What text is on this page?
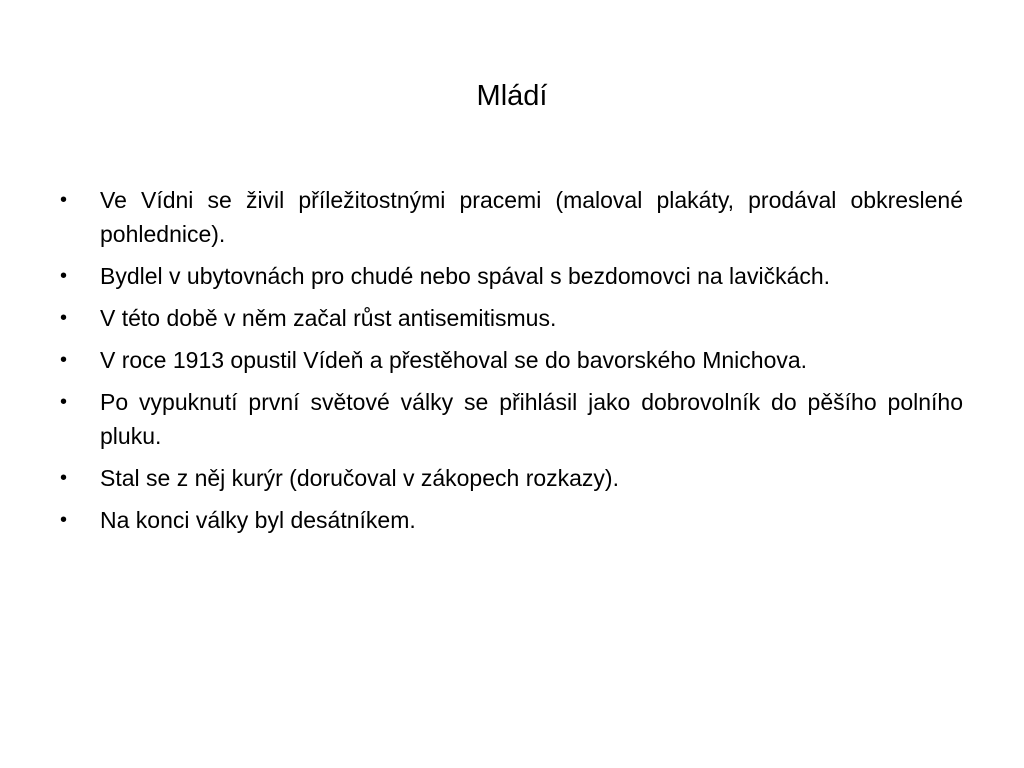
Mládí
•	Ve Vídni se živil příležitostnými pracemi (maloval plakáty, prodával obkreslené pohlednice).
•	Bydlel v ubytovnách pro chudé nebo spával s bezdomovci na lavičkách.
•	V této době v něm začal růst antisemitismus.
•	V roce 1913 opustil Vídeň a přestěhoval se do bavorského Mnichova.
•	Po vypuknutí první světové války se přihlásil jako dobrovolník do pěšího polního pluku.
•	Stal se z něj kurýr (doručoval v zákopech rozkazy).
•	Na konci války byl desátníkem.
